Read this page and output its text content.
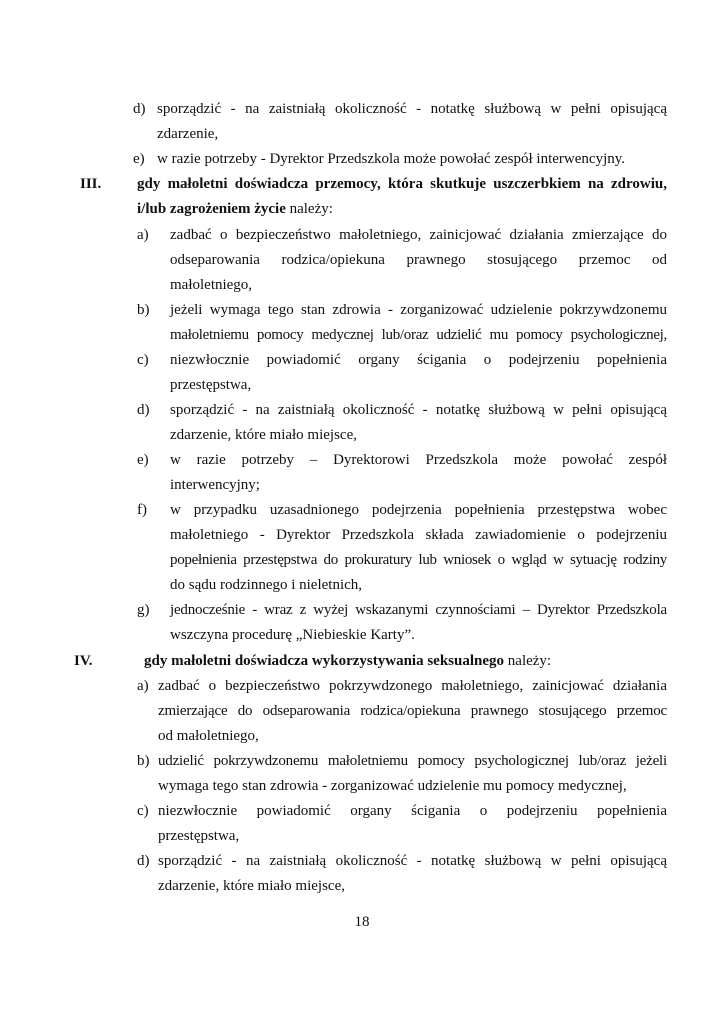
d) sporządzić - na zaistniałą okoliczność - notatkę służbową w pełni opisującą
zdarzenie,
e) w razie potrzeby - Dyrektor Przedszkola może powołać zespół interwencyjny.
III. gdy małoletni doświadcza przemocy, która skutkuje uszczerbkiem na zdrowiu,
i/lub zagrożeniem życie należy:
a) zadbać o bezpieczeństwo małoletniego, zainicjować działania zmierzające do
odseparowania rodzica/opiekuna prawnego stosującego przemoc od
małoletniego,
b) jeżeli wymaga tego stan zdrowia - zorganizować udzielenie pokrzywdzonemu
małoletniemu pomocy medycznej lub/oraz udzielić mu pomocy psychologicznej,
c) niezwłocznie powiadomić organy ścigania o podejrzeniu popełnienia
przestępstwa,
d) sporządzić - na zaistniałą okoliczność - notatkę służbową w pełni opisującą
zdarzenie, które miało miejsce,
e) w razie potrzeby – Dyrektorowi Przedszkola może powołać zespół
interwencyjny;
f) w przypadku uzasadnionego podejrzenia popełnienia przestępstwa wobec
małoletniego - Dyrektor Przedszkola składa zawiadomienie o podejrzeniu
popełnienia przestępstwa do prokuratury lub wniosek o wgląd w sytuację rodziny
do sądu rodzinnego i nieletnich,
g) jednocześnie - wraz z wyżej wskazanymi czynnościami – Dyrektor Przedszkola
wszczyna procedurę „Niebieskie Karty”.
IV.	gdy małoletni doświadcza wykorzystywania seksualnego należy:
a) zadbać o bezpieczeństwo pokrzywdzonego małoletniego, zainicjować działania
zmierzające do odseparowania rodzica/opiekuna prawnego stosującego przemoc
od małoletniego,
b) udzielić pokrzywdzonemu małoletniemu pomocy psychologicznej lub/oraz jeżeli
wymaga tego stan zdrowia - zorganizować udzielenie mu pomocy medycznej,
c) niezwłocznie powiadomić organy ścigania o podejrzeniu popełnienia
przestępstwa,
d) sporządzić - na zaistniałą okoliczność - notatkę służbową w pełni opisującą
zdarzenie, które miało miejsce,
18
